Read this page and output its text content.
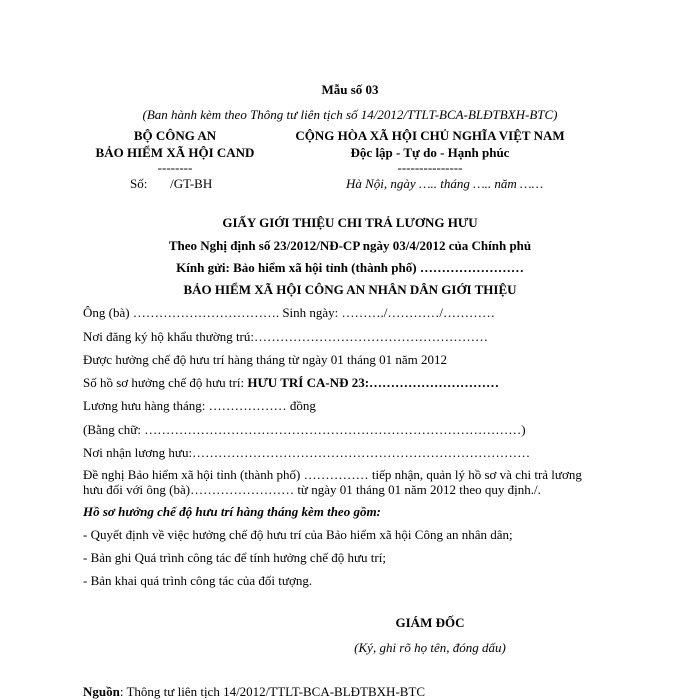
Mẫu số 03
(Ban hành kèm theo Thông tư liên tịch số 14/2012/TTLT-BCA-BLĐTBXH-BTC)
BỘ CÔNG AN
BẢO HIỂM XÃ HỘI CAND
--------
Số:       /GT-BH
CỘNG HÒA XÃ HỘI CHỦ NGHĨA VIỆT NAM
Độc lập - Tự do - Hạnh phúc
---------------
Hà Nội, ngày ….. tháng ….. năm ……
GIẤY GIỚI THIỆU CHI TRẢ LƯƠNG HƯU
Theo Nghị định số 23/2012/NĐ-CP ngày 03/4/2012 của Chính phủ
Kính gửi: Bảo hiểm xã hội tỉnh (thành phố) ……………………
BẢO HIỂM XÃ HỘI CÔNG AN NHÂN DÂN GIỚI THIỆU
Ông (bà) ……………………………. Sinh ngày: ………./…………/…………
Nơi đăng ký hộ khẩu thường trú:………………………………………………
Được hưởng chế độ hưu trí hàng tháng từ ngày 01 tháng 01 năm 2012
Số hồ sơ hưởng chế độ hưu trí: HƯU TRÍ CA-NĐ 23:…………………………
Lương hưu hàng tháng: ……………… đồng
(Bằng chữ: ……………………………………………………………………………)
Nơi nhận lương hưu:……………………………………………………………………
Đề nghị Bảo hiểm xã hội tỉnh (thành phố) …………… tiếp nhận, quản lý hồ sơ và chi trả lương
hưu đối với ông (bà)…………………… từ ngày 01 tháng 01 năm 2012 theo quy định./.
Hồ sơ hưởng chế độ hưu trí hàng tháng kèm theo gồm:
- Quyết định về việc hưởng chế độ hưu trí của Bảo hiểm xã hội Công an nhân dân;
- Bản ghi Quá trình công tác để tính hưởng chế độ hưu trí;
- Bản khai quá trình công tác của đối tượng.
GIÁM ĐỐC
(Ký, ghi rõ họ tên, đóng dấu)
Nguồn: Thông tư liên tịch 14/2012/TTLT-BCA-BLĐTBXH-BTC
